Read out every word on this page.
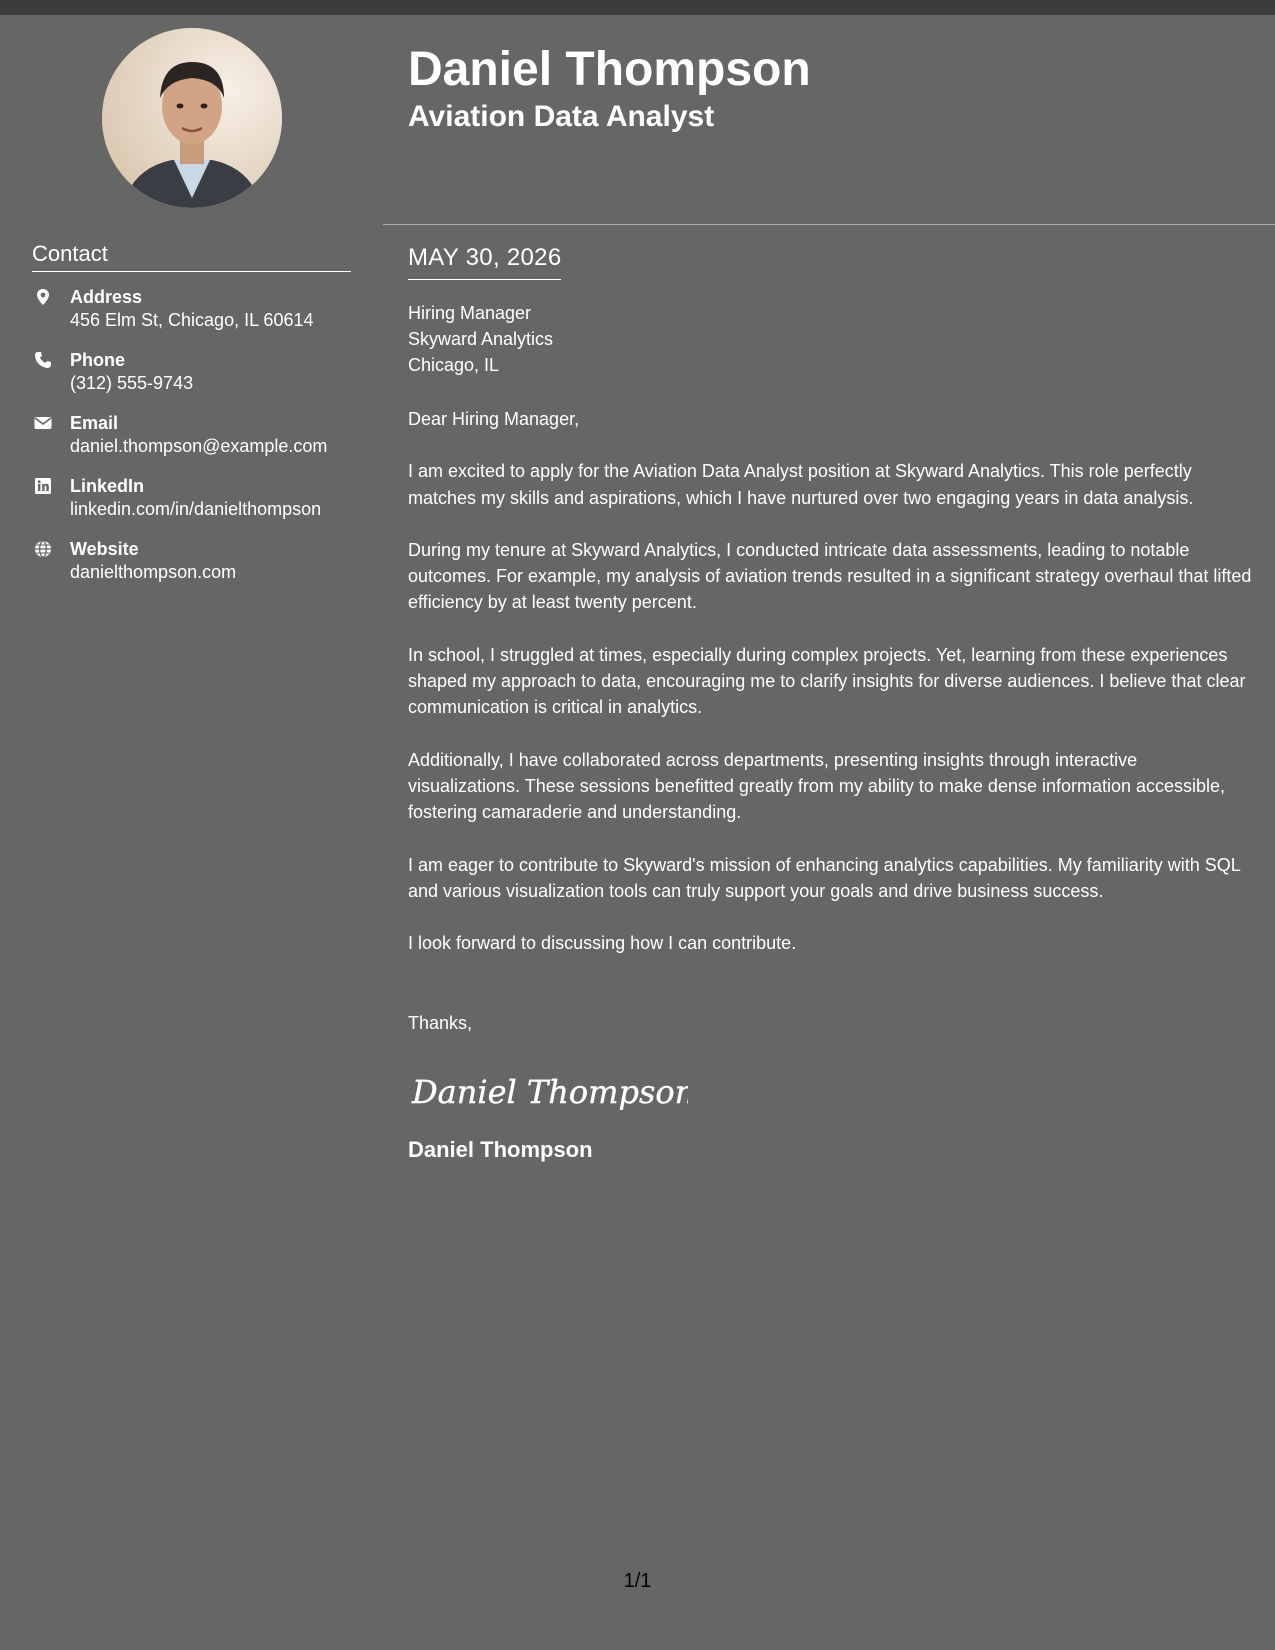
Contact
Address
456 Elm St, Chicago, IL 60614
Phone
(312) 555-9743
Email
daniel.thompson@example.com
LinkedIn
linkedin.com/in/danielthompson
Website
danielthompson.com
Daniel Thompson
Aviation Data Analyst
MAY 30, 2026
Hiring Manager
Skyward Analytics
Chicago, IL
Dear Hiring Manager,

I am excited to apply for the Aviation Data Analyst position at Skyward Analytics. This role perfectly matches my skills and aspirations, which I have nurtured over two engaging years in data analysis.

During my tenure at Skyward Analytics, I conducted intricate data assessments, leading to notable outcomes. For example, my analysis of aviation trends resulted in a significant strategy overhaul that lifted efficiency by at least twenty percent.

In school, I struggled at times, especially during complex projects. Yet, learning from these experiences shaped my approach to data, encouraging me to clarify insights for diverse audiences. I believe that clear communication is critical in analytics.

Additionally, I have collaborated across departments, presenting insights through interactive visualizations. These sessions benefitted greatly from my ability to make dense information accessible, fostering camaraderie and understanding.

I am eager to contribute to Skyward's mission of enhancing analytics capabilities. My familiarity with SQL and various visualization tools can truly support your goals and drive business success.

I look forward to discussing how I can contribute.

Thanks,
Daniel Thompson
Daniel Thompson
1/1
